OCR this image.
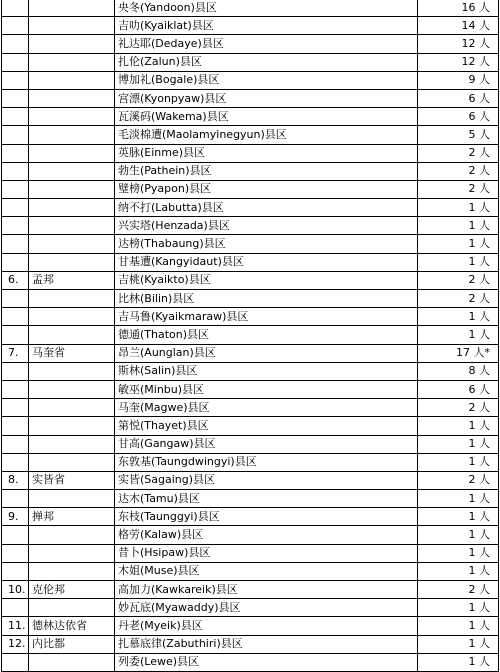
		央冬(Yandoon)县区	16 人
		吉叻(Kyaiklat)县区	14 人
		礼达耶(Dedaye)县区	12 人
		扎伦(Zalun)县区	12 人
		博加礼(Bogale)县区	9 人
		宫漂(Kyonpyaw)县区	6 人
		瓦溪码(Wakema)县区	6 人
		毛淡棉遭(Maolamyinegyun)县区	5 人
		英脉(Einme)县区	2 人
		勃生(Pathein)县区	2 人
		璧榜(Pyapon)县区	2 人
		纳不打(Labutta)县区	1 人
		兴实塔(Henzada)县区	1 人
		达榜(Thabaung)县区	1 人
		甘基遭(Kangyidaut)县区	1 人
6.	孟邦	吉桃(Kyaikto)县区	2 人
		比林(Bilin)县区	2 人
		吉马鲁(Kyaikmaraw)县区	1 人
		德通(Thaton)县区	1 人
7.	马奎省	昂兰(Aunglan)县区	17 人*
		斯林(Salin)县区	8 人
		敏巫(Minbu)县区	6 人
		马奎(Magwe)县区	2 人
		第悦(Thayet)县区	1 人
		甘高(Gangaw)县区	1 人
		东敦基(Taungdwingyi)县区	1 人
8.	实皆省	实皆(Sagaing)县区	2 人
		达木(Tamu)县区	1 人
9.	掸邦	东枝(Taunggyi)县区	1 人
		格劳(Kalaw)县区	1 人
		昔卜(Hsipaw)县区	1 人
		木姐(Muse)县区	1 人
10.	克伦邦	高加力(Kawkareik)县区	2 人
		妙瓦底(Myawaddy)县区	1 人
11.	德林达依省	丹老(Myeik)县区	1 人
12.	内比都	扎慕底律(Zabuthiri)县区	1 人
		列委(Lewe)县区	1 人
